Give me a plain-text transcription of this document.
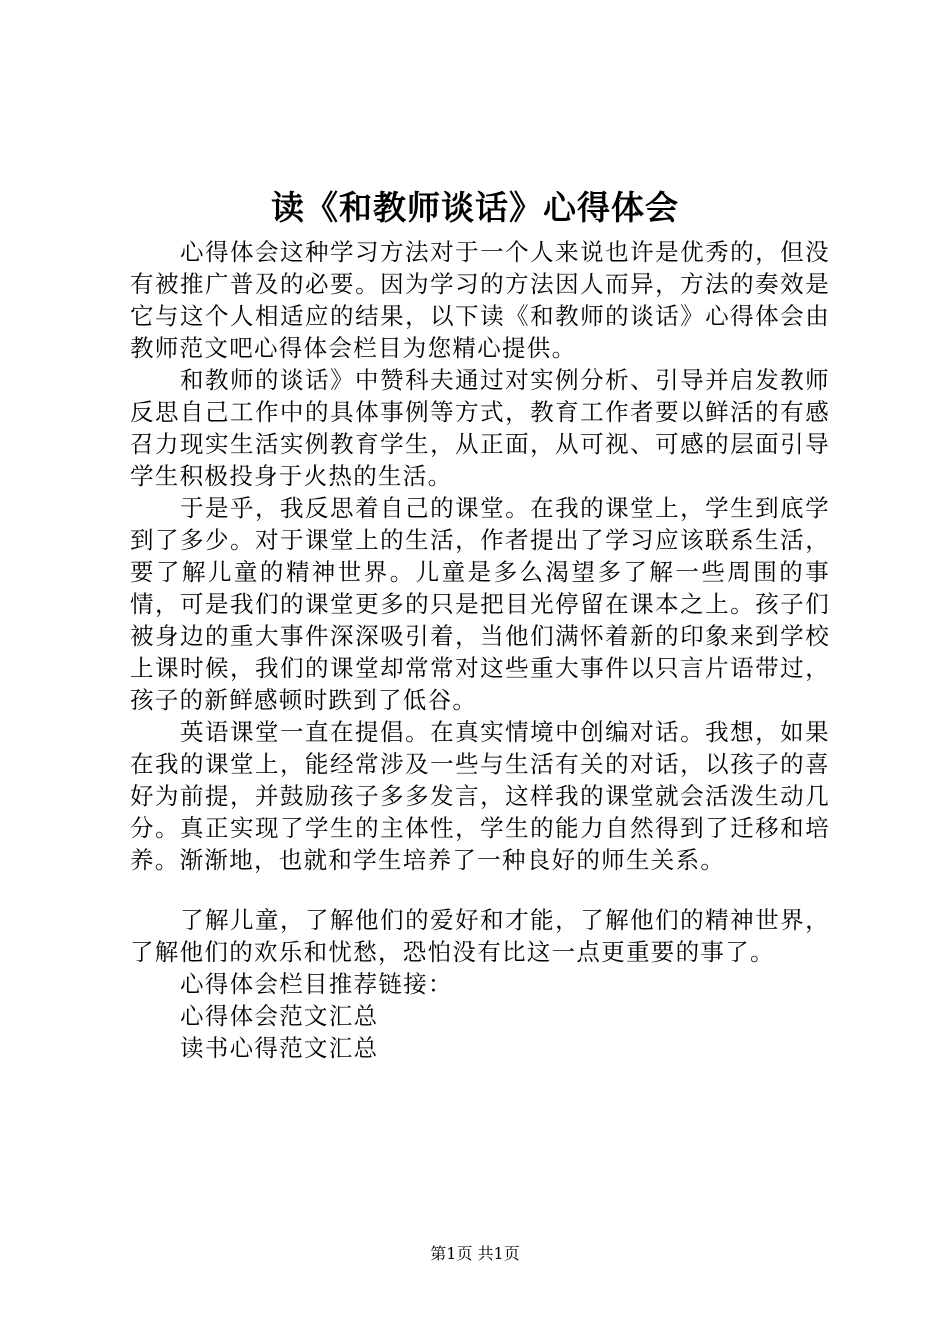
读《和教师谈话》心得体会

心得体会这种学习方法对于一个人来说也许是优秀的，但没有被推广普及的必要。因为学习的方法因人而异，方法的奏效是它与这个人相适应的结果，以下读《和教师的谈话》心得体会由教师范文吧心得体会栏目为您精心提供。

和教师的谈话》中赞科夫通过对实例分析、引导并启发教师反思自己工作中的具体事例等方式，教育工作者要以鲜活的有感召力现实生活实例教育学生，从正面，从可视、可感的层面引导学生积极投身于火热的生活。

于是乎，我反思着自己的课堂。在我的课堂上，学生到底学到了多少。对于课堂上的生活，作者提出了学习应该联系生活，要了解儿童的精神世界。儿童是多么渴望多了解一些周围的事情，可是我们的课堂更多的只是把目光停留在课本之上。孩子们被身边的重大事件深深吸引着，当他们满怀着新的印象来到学校上课时候，我们的课堂却常常对这些重大事件以只言片语带过，孩子的新鲜感顿时跌到了低谷。

英语课堂一直在提倡。在真实情境中创编对话。我想，如果在我的课堂上，能经常涉及一些与生活有关的对话，以孩子的喜好为前提，并鼓励孩子多多发言，这样我的课堂就会活泼生动几分。真正实现了学生的主体性，学生的能力自然得到了迁移和培养。渐渐地，也就和学生培养了一种良好的师生关系。

了解儿童，了解他们的爱好和才能，了解他们的精神世界，了解他们的欢乐和忧愁，恐怕没有比这一点更重要的事了。

心得体会栏目推荐链接：

心得体会范文汇总

读书心得范文汇总

第1页 共1页
